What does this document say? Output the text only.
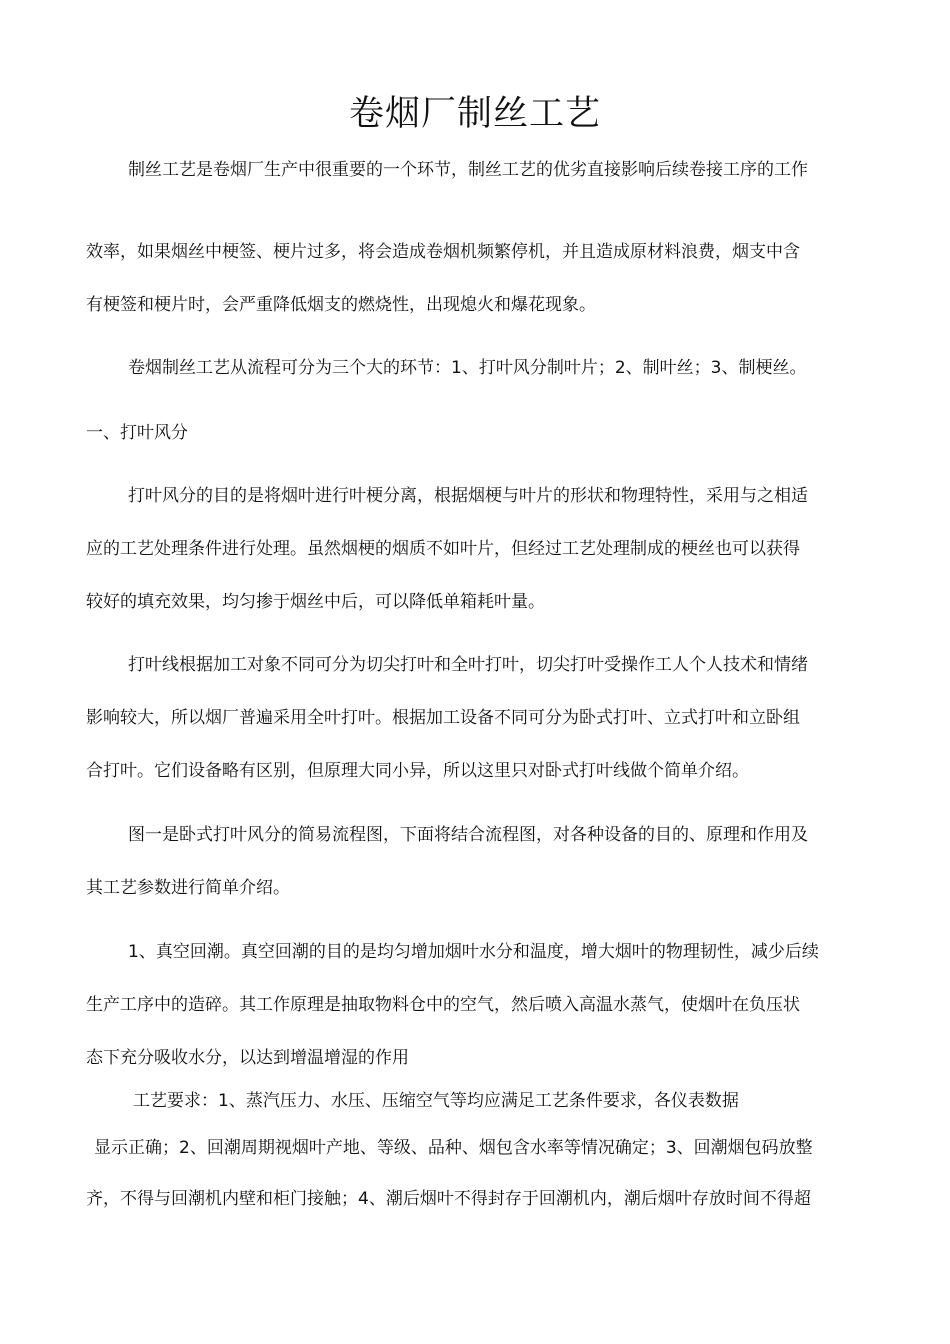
卷烟厂制丝工艺

制丝工艺是卷烟厂生产中很重要的一个环节，制丝工艺的优劣直接影响后续卷接工序的工作

效率，如果烟丝中梗签、梗片过多，将会造成卷烟机频繁停机，并且造成原材料浪费，烟支中含

有梗签和梗片时，会严重降低烟支的燃烧性，出现熄火和爆花现象。

卷烟制丝工艺从流程可分为三个大的环节：1、打叶风分制叶片；2、制叶丝；3、制梗丝。

一、打叶风分

打叶风分的目的是将烟叶进行叶梗分离，根据烟梗与叶片的形状和物理特性，采用与之相适

应的工艺处理条件进行处理。虽然烟梗的烟质不如叶片，但经过工艺处理制成的梗丝也可以获得

较好的填充效果，均匀掺于烟丝中后，可以降低单箱耗叶量。

打叶线根据加工对象不同可分为切尖打叶和全叶打叶，切尖打叶受操作工人个人技术和情绪

影响较大，所以烟厂普遍采用全叶打叶。根据加工设备不同可分为卧式打叶、立式打叶和立卧组

合打叶。它们设备略有区别，但原理大同小异，所以这里只对卧式打叶线做个简单介绍。

图一是卧式打叶风分的简易流程图，下面将结合流程图，对各种设备的目的、原理和作用及

其工艺参数进行简单介绍。

1、真空回潮。真空回潮的目的是均匀增加烟叶水分和温度，增大烟叶的物理韧性，减少后续

生产工序中的造碎。其工作原理是抽取物料仓中的空气，然后喷入高温水蒸气，使烟叶在负压状

态下充分吸收水分，以达到增温增湿的作用

工艺要求：1、蒸汽压力、水压、压缩空气等均应满足工艺条件要求，各仪表数据

显示正确；2、回潮周期视烟叶产地、等级、品种、烟包含水率等情况确定；3、回潮烟包码放整

齐，不得与回潮机内壁和柜门接触；4、潮后烟叶不得封存于回潮机内，潮后烟叶存放时间不得超
